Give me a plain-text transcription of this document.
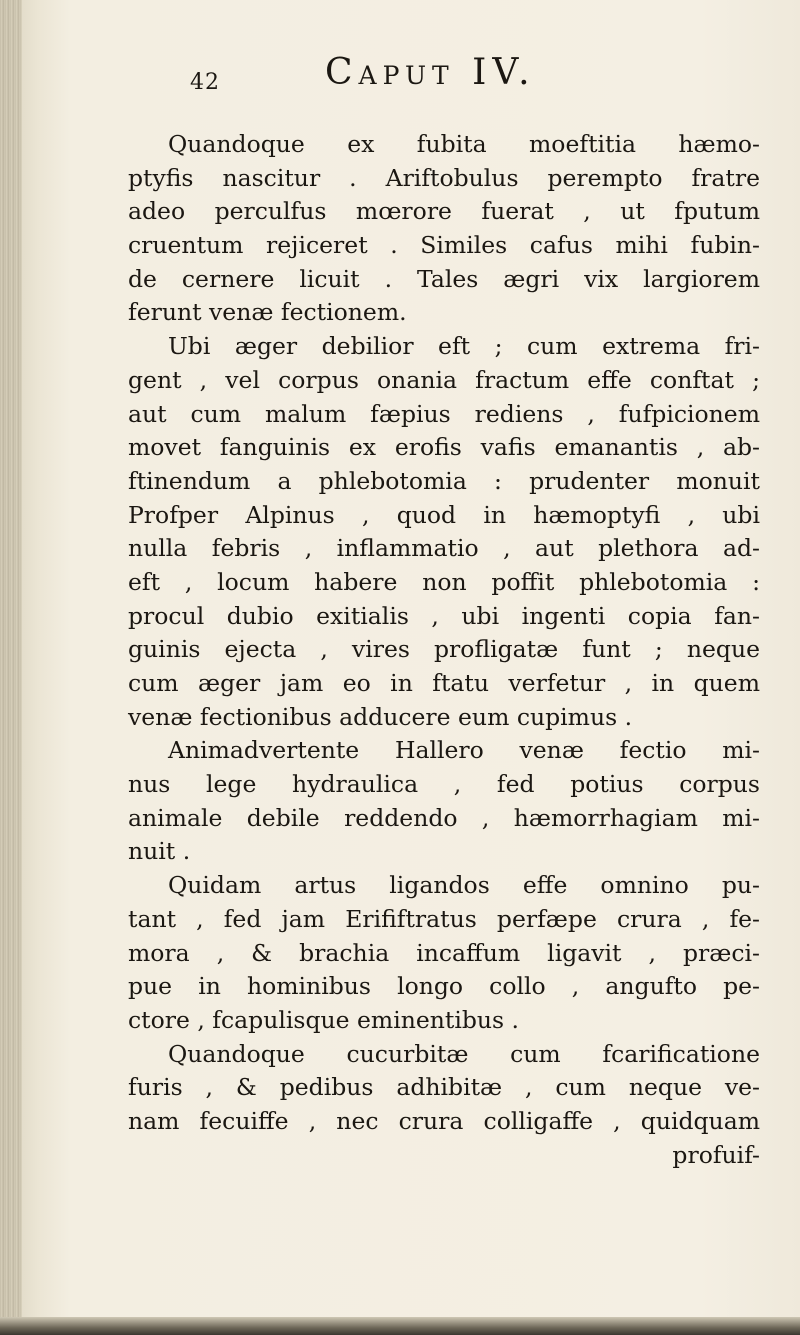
42	Caput IV.
Quandoque ex fubita moeftitia hæmo-
ptyfis nascitur . Ariftobulus perempto fratre
adeo perculfus mœrore fuerat , ut fputum
cruentum rejiceret . Similes cafus mihi fubin-
de cernere licuit . Tales ægri vix largiorem
ferunt venæ fectionem.
Ubi æger debilior eft ; cum extrema fri-
gent , vel corpus onania fractum effe conftat ;
aut cum malum fæpius rediens , fufpicionem
movet fanguinis ex erofis vafis emanantis , ab-
ftinendum a phlebotomia : prudenter monuit
Profper Alpinus , quod in hæmoptyfi , ubi
nulla febris , inflammatio , aut plethora ad-
eft , locum habere non poffit phlebotomia :
procul dubio exitialis , ubi ingenti copia fan-
guinis ejecta , vires profligatæ funt ; neque
cum æger jam eo in ftatu verfetur , in quem
venæ fectionibus adducere eum cupimus .
Animadvertente Hallero venæ fectio mi-
nus lege hydraulica , fed potius corpus
animale debile reddendo , hæmorrhagiam mi-
nuit .
Quidam artus ligandos effe omnino pu-
tant , fed jam Erififtratus perfæpe crura , fe-
mora , & brachia incaffum ligavit , præci-
pue in hominibus longo collo , angufto pe-
ctore , fcapulisque eminentibus .
Quandoque cucurbitæ cum fcarificatione
furis , & pedibus adhibitæ , cum neque ve-
nam fecuiffe , nec crura colligaffe , quidquam
profuif-
